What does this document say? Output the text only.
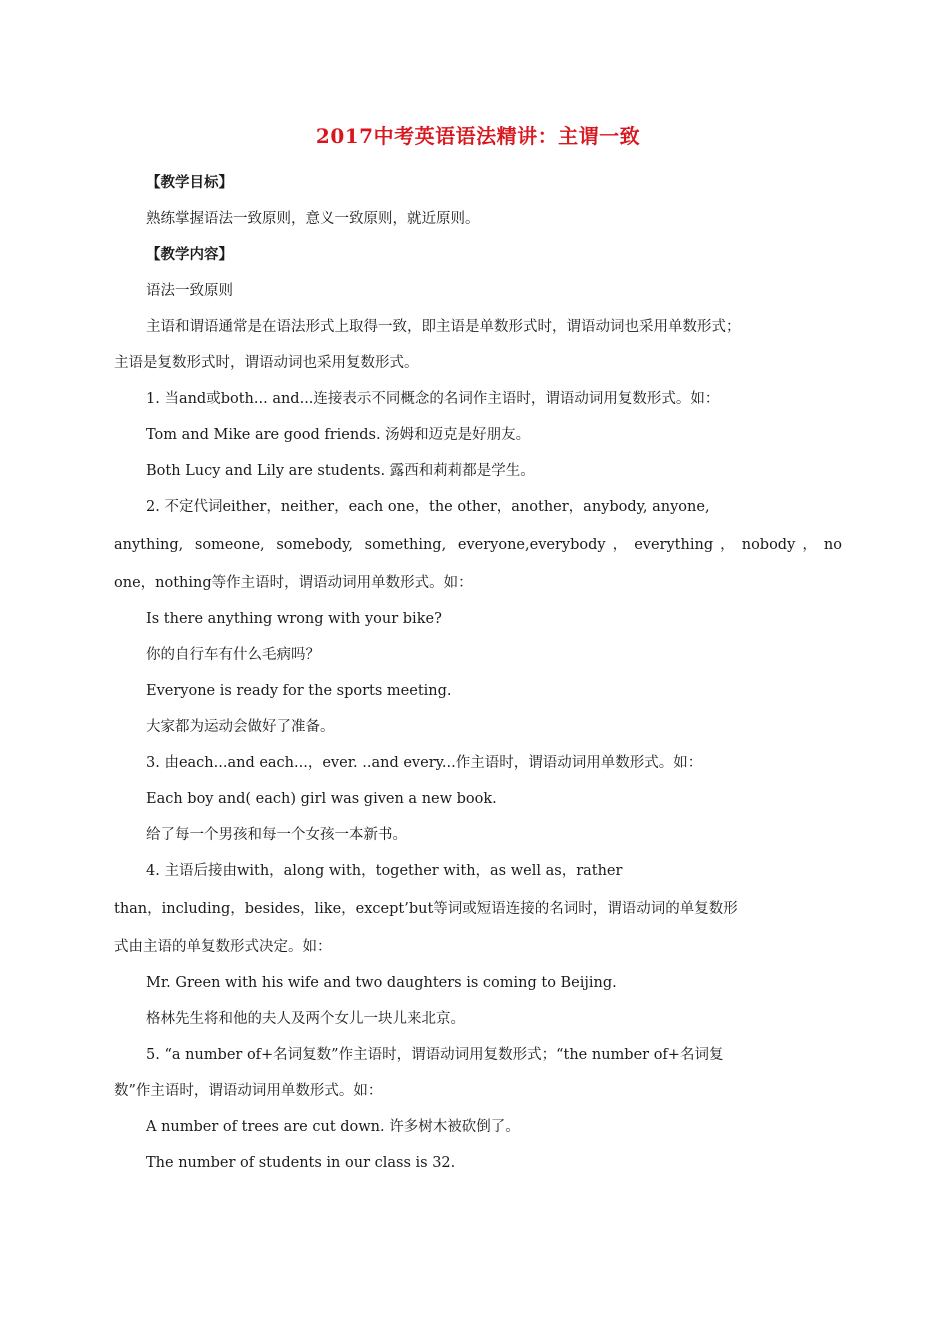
2017中考英语语法精讲：主谓一致

【教学目标】

熟练掌握语法一致原则，意义一致原则，就近原则。

【教学内容】

语法一致原则

主语和谓语通常是在语法形式上取得一致，即主语是单数形式时，谓语动词也采用单数形式；

主语是复数形式时，谓语动词也采用复数形式。

1. 当and或both... and...连接表示不同概念的名词作主语时，谓语动词用复数形式。如：

Tom and Mike are good friends. 汤姆和迈克是好朋友。

Both Lucy and Lily are students. 露西和莉莉都是学生。

2. 不定代词either，neither，each one，the other，another，anybody, anyone,

anything, someone, somebody, something, everyone,everybody，everything，nobody，no

one，nothing等作主语时，谓语动词用单数形式。如：

Is there anything wrong with your bike?

你的自行车有什么毛病吗？

Everyone is ready for the sports meeting.

大家都为运动会做好了准备。

3. 由each...and each...，ever. ..and every...作主语时，谓语动词用单数形式。如：

Each boy and( each) girl was given a new book.

给了每一个男孩和每一个女孩一本新书。

4. 主语后接由with，along with，together with，as well as，rather

than，including，besides，like，except’but等词或短语连接的名词时，谓语动词的单复数形

式由主语的单复数形式决定。如：

Mr. Green with his wife and two daughters is coming to Beijing.

格林先生将和他的夫人及两个女儿一块儿来北京。

5. “a number of+名词复数”作主语时，谓语动词用复数形式；“the number of+名词复

数”作主语时，谓语动词用单数形式。如：

A number of trees are cut down. 许多树木被砍倒了。

The number of students in our class is 32.
